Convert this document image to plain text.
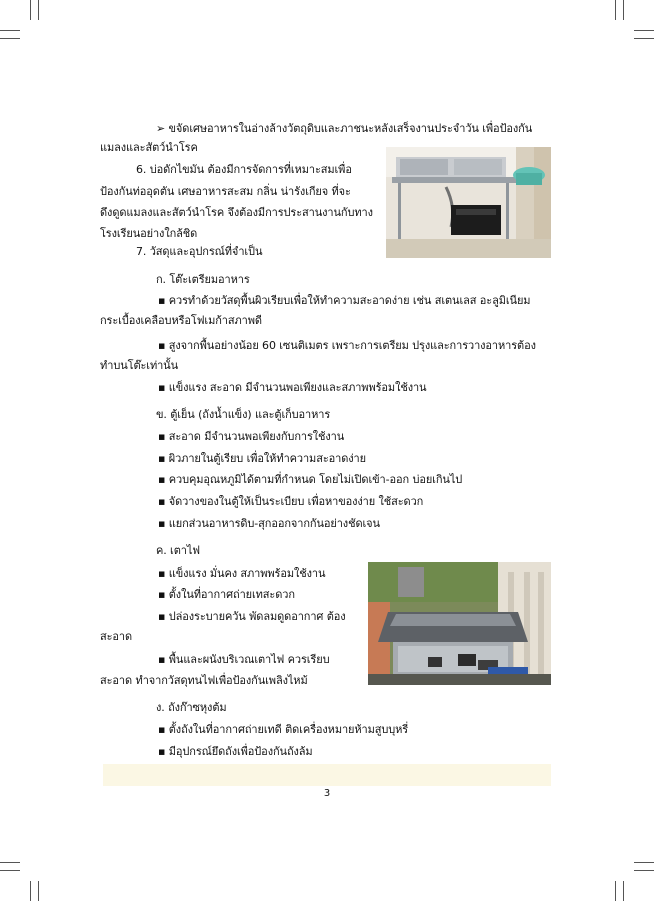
➢ ขจัดเศษอาหารในอ่างล้างวัตถุดิบและภาชนะหลังเสร็จงานประจำวัน เพื่อป้องกัน
แมลงและสัตว์นำโรค
6. บ่อดักไขมัน ต้องมีการจัดการที่เหมาะสมเพื่อ
ป้องกันท่ออุดตัน เศษอาหารสะสม กลิ่น น่ารังเกียจ ที่จะ
ดึงดูดแมลงและสัตว์นำโรค จึงต้องมีการประสานงานกับทาง
โรงเรียนอย่างใกล้ชิด
7. วัสดุและอุปกรณ์ที่จำเป็น
ก. โต๊ะเตรียมอาหาร
▪ ควรทำด้วยวัสดุพื้นผิวเรียบเพื่อให้ทำความสะอาดง่าย เช่น สเตนเลส อะลูมิเนียม
กระเบื้องเคลือบหรือโฟเมก้าสภาพดี
▪ สูงจากพื้นอย่างน้อย 60 เซนติเมตร เพราะการเตรียม ปรุงและการวางอาหารต้อง
ทำบนโต๊ะเท่านั้น
▪ แข็งแรง สะอาด มีจำนวนพอเพียงและสภาพพร้อมใช้งาน
ข. ตู้เย็น (ถังน้ำแข็ง) และตู้เก็บอาหาร
▪ สะอาด มีจำนวนพอเพียงกับการใช้งาน
▪ ผิวภายในตู้เรียบ เพื่อให้ทำความสะอาดง่าย
▪ ควบคุมอุณหภูมิได้ตามที่กำหนด โดยไม่เปิดเข้า-ออก บ่อยเกินไป
▪ จัดวางของในตู้ให้เป็นระเบียบ เพื่อหาของง่าย ใช้สะดวก
▪ แยกส่วนอาหารดิบ-สุกออกจากกันอย่างชัดเจน
ค. เตาไฟ
▪ แข็งแรง มั่นคง สภาพพร้อมใช้งาน
▪ ตั้งในที่อากาศถ่ายเทสะดวก
▪ ปล่องระบายควัน พัดลมดูดอากาศ ต้อง
สะอาด
▪ พื้นและผนังบริเวณเตาไฟ ควรเรียบ
สะอาด ทำจากวัสดุทนไฟเพื่อป้องกันเพลิงไหม้
ง. ถังก๊าซหุงต้ม
▪ ตั้งถังในที่อากาศถ่ายเทดี ติดเครื่องหมายห้ามสูบบุหรี่
▪ มีอุปกรณ์ยึดถังเพื่อป้องกันถังล้ม
3
